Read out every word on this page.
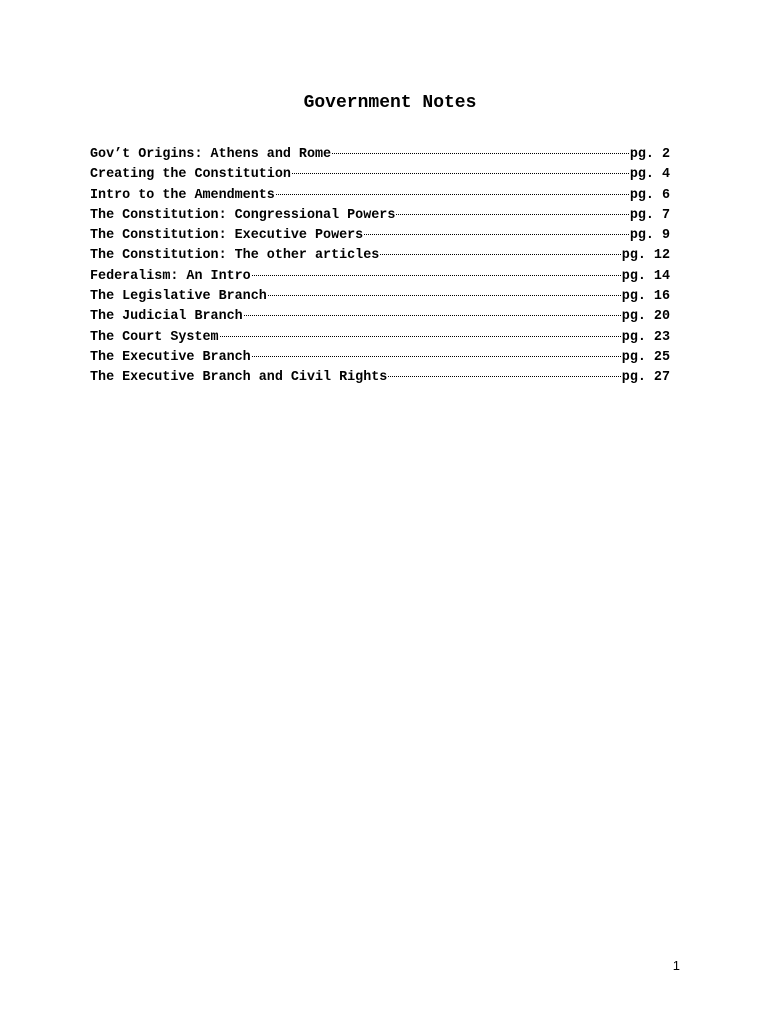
Government Notes
Gov’t Origins: Athens and Rome	pg. 2
Creating the Constitution	pg. 4
Intro to the Amendments	pg. 6
The Constitution: Congressional Powers	pg. 7
The Constitution: Executive Powers	pg. 9
The Constitution: The other articles	pg. 12
Federalism: An Intro	pg. 14
The Legislative Branch	pg. 16
The Judicial Branch	pg. 20
The Court System	pg. 23
The Executive Branch	pg. 25
The Executive Branch and Civil Rights	pg. 27
1
